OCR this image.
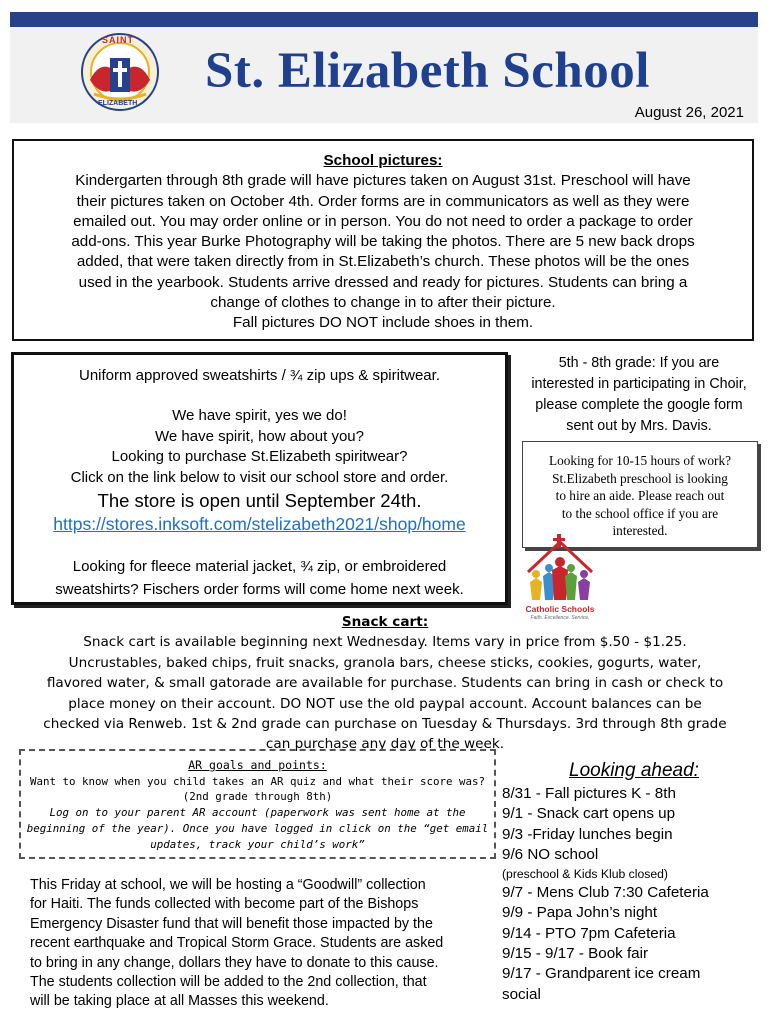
SAINT
ELIZABETH
St. Elizabeth School
August 26, 2021
School pictures:
Kindergarten through 8th grade will have pictures taken on August 31st. Preschool will have
their pictures taken on October 4th. Order forms are in communicators as well as they were
emailed out. You may order online or in person. You do not need to order a package to order
add-ons. This year Burke Photography will be taking the photos. There are 5 new back drops
added, that were taken directly from in St.Elizabeth’s church. These photos will be the ones
used in the yearbook. Students arrive dressed and ready for pictures. Students can bring a
change of clothes to change in to after their picture.
Fall pictures DO NOT include shoes in them.
Uniform approved sweatshirts / ¾ zip ups & spiritwear.
We have spirit, yes we do!
We have spirit, how about you?
Looking to purchase St.Elizabeth spiritwear?
Click on the link below to visit our school store and order.
The store is open until September 24th.
https://stores.inksoft.com/stelizabeth2021/shop/home
Looking for fleece material jacket, ¾ zip, or embroidered
sweatshirts? Fischers order forms will come home next week.
5th - 8th grade: If you are
interested in participating in Choir,
please complete the google form
sent out by Mrs. Davis.
Looking for 10-15 hours of work?
St.Elizabeth preschool is looking
to hire an aide. Please reach out
to the school office if you are
interested.
Catholic Schools
Faith. Excellence. Service.
Snack cart:
Snack cart is available beginning next Wednesday. Items vary in price from $.50 - $1.25.
Uncrustables, baked chips, fruit snacks, granola bars, cheese sticks, cookies, gogurts, water,
flavored water, & small gatorade are available for purchase. Students can bring in cash or check to
place money on their account. DO NOT use the old paypal account. Account balances can be
checked via Renweb. 1st & 2nd grade can purchase on Tuesday & Thursdays. 3rd through 8th grade
can purchase any day of the week.
AR goals and points:
Want to know when you child takes an AR quiz and what their score was?
(2nd grade through 8th)
Log on to your parent AR account (paperwork was sent home at the
beginning of the year). Once you have logged in click on the “get email
updates, track your child’s work”
This Friday at school, we will be hosting a “Goodwill” collection
for Haiti. The funds collected with become part of the Bishops
Emergency Disaster fund that will benefit those impacted by the
recent earthquake and Tropical Storm Grace. Students are asked
to bring in any change, dollars they have to donate to this cause.
The students collection will be added to the 2nd collection, that
will be taking place at all Masses this weekend.
Looking ahead:
8/31 - Fall pictures K - 8th
9/1 - Snack cart opens up
9/3 -Friday lunches begin
9/6 NO school
(preschool & Kids Klub closed)
9/7 - Mens Club 7:30 Cafeteria
9/9 - Papa John’s night
9/14 - PTO 7pm Cafeteria
9/15 - 9/17 - Book fair
9/17 - Grandparent ice cream
social
